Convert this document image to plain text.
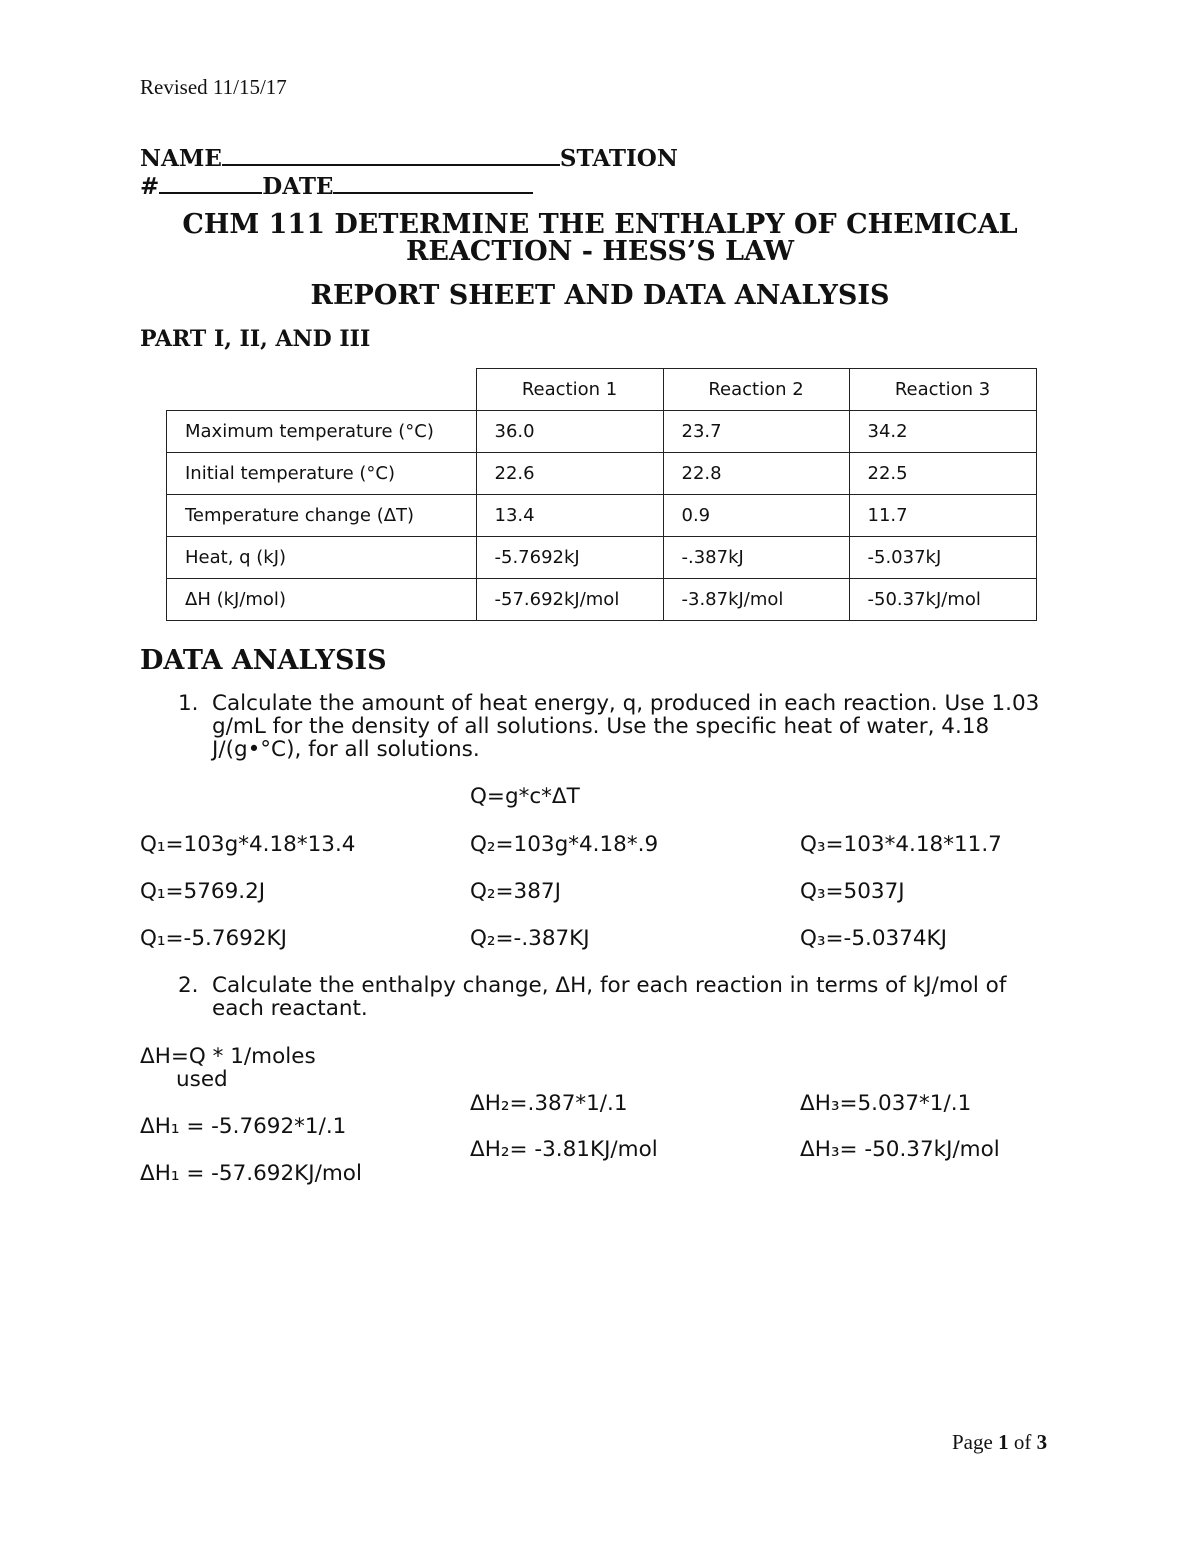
Revised 11/15/17
NAME	STATION
#	DATE
CHM 111 DETERMINE THE ENTHALPY OF CHEMICAL
REACTION - HESS’S LAW
REPORT SHEET AND DATA ANALYSIS
PART I, II, AND III
	Reaction 1	Reaction 2	Reaction 3
Maximum temperature (°C)	36.0	23.7	34.2
Initial temperature (°C)	22.6	22.8	22.5
Temperature change (ΔT)	13.4	0.9	11.7
Heat, q (kJ)	-5.7692kJ	-.387kJ	-5.037kJ
ΔH (kJ/mol)	-57.692kJ/mol	-3.87kJ/mol	-50.37kJ/mol
DATA ANALYSIS
1. Calculate the amount of heat energy, q, produced in each reaction. Use 1.03 g/mL for the density of all solutions. Use the specific heat of water, 4.18 J/(g•°C), for all solutions.
Q=g*c*ΔT
Q₁=103g*4.18*13.4	Q₂=103g*4.18*.9	Q₃=103*4.18*11.7
Q₁=5769.2J	Q₂=387J	Q₃=5037J
Q₁=-5.7692KJ	Q₂=-.387KJ	Q₃=-5.0374KJ
2. Calculate the enthalpy change, ΔH, for each reaction in terms of kJ/mol of each reactant.
ΔH=Q * 1/moles
used
ΔH₁ = -5.7692*1/.1
ΔH₁ = -57.692KJ/mol
ΔH₂=.387*1/.1
ΔH₂= -3.81KJ/mol
ΔH₃=5.037*1/.1
ΔH₃= -50.37kJ/mol
Page 1 of 3
